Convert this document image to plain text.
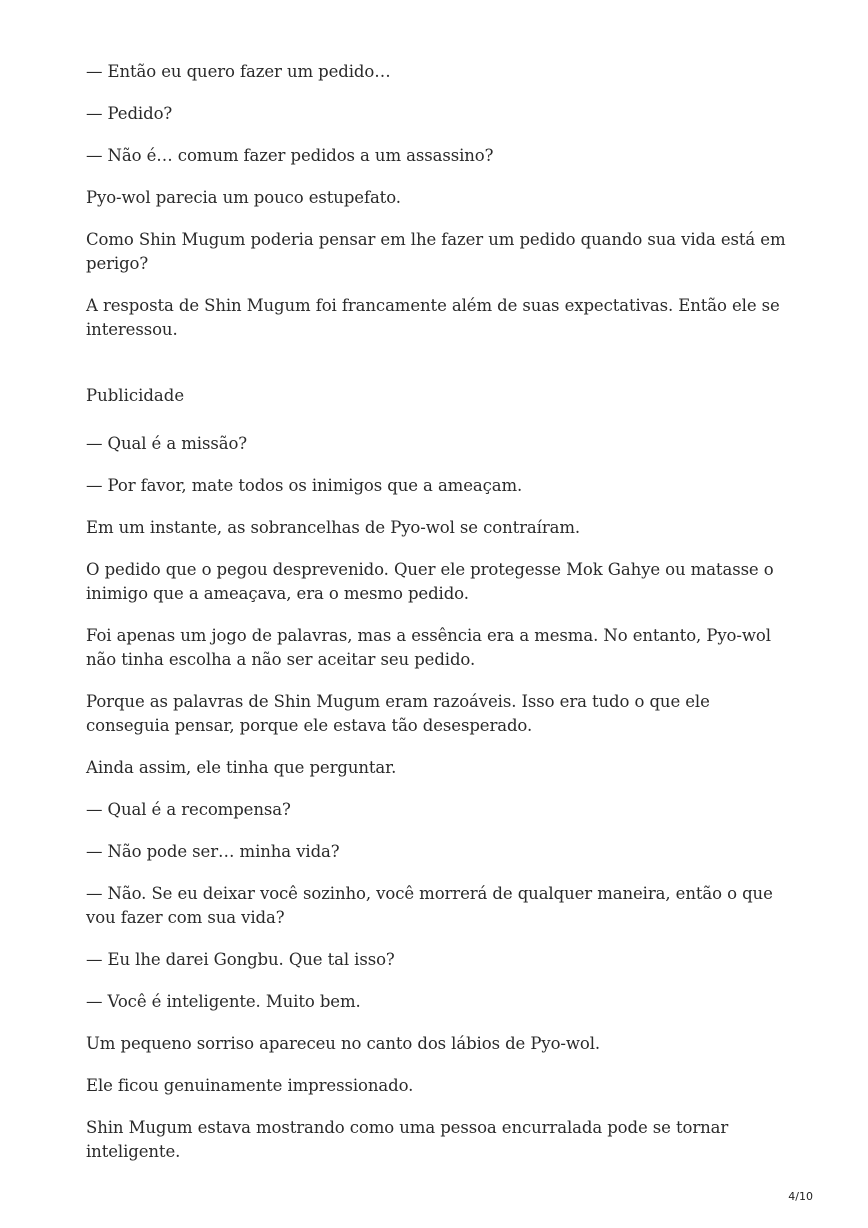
— Então eu quero fazer um pedido…

— Pedido?

— Não é… comum fazer pedidos a um assassino?

Pyo-wol parecia um pouco estupefato.

Como Shin Mugum poderia pensar em lhe fazer um pedido quando sua vida está em perigo?

A resposta de Shin Mugum foi francamente além de suas expectativas. Então ele se interessou.

Publicidade

— Qual é a missão?

— Por favor, mate todos os inimigos que a ameaçam.

Em um instante, as sobrancelhas de Pyo-wol se contraíram.

O pedido que o pegou desprevenido. Quer ele protegesse Mok Gahye ou matasse o inimigo que a ameaçava, era o mesmo pedido.

Foi apenas um jogo de palavras, mas a essência era a mesma. No entanto, Pyo-wol não tinha escolha a não ser aceitar seu pedido.

Porque as palavras de Shin Mugum eram razoáveis. Isso era tudo o que ele conseguia pensar, porque ele estava tão desesperado.

Ainda assim, ele tinha que perguntar.

— Qual é a recompensa?

— Não pode ser… minha vida?

— Não. Se eu deixar você sozinho, você morrerá de qualquer maneira, então o que vou fazer com sua vida?

— Eu lhe darei Gongbu. Que tal isso?

— Você é inteligente. Muito bem.

Um pequeno sorriso apareceu no canto dos lábios de Pyo-wol.

Ele ficou genuinamente impressionado.

Shin Mugum estava mostrando como uma pessoa encurralada pode se tornar inteligente.

4/10
